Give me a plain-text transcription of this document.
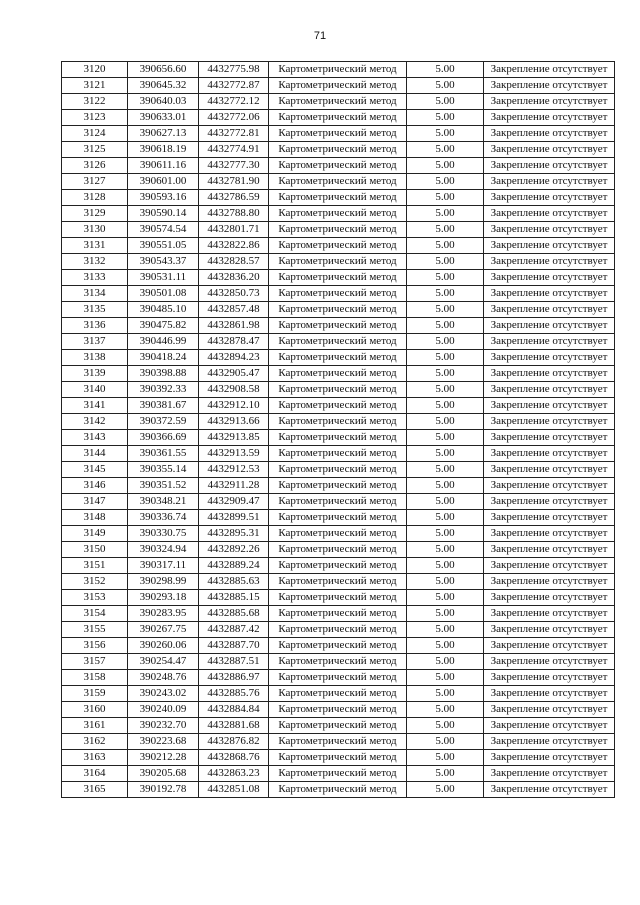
71
3120	390656.60	4432775.98	Картометрический метод	5.00	Закрепление отсутствует
3121	390645.32	4432772.87	Картометрический метод	5.00	Закрепление отсутствует
3122	390640.03	4432772.12	Картометрический метод	5.00	Закрепление отсутствует
3123	390633.01	4432772.06	Картометрический метод	5.00	Закрепление отсутствует
3124	390627.13	4432772.81	Картометрический метод	5.00	Закрепление отсутствует
3125	390618.19	4432774.91	Картометрический метод	5.00	Закрепление отсутствует
3126	390611.16	4432777.30	Картометрический метод	5.00	Закрепление отсутствует
3127	390601.00	4432781.90	Картометрический метод	5.00	Закрепление отсутствует
3128	390593.16	4432786.59	Картометрический метод	5.00	Закрепление отсутствует
3129	390590.14	4432788.80	Картометрический метод	5.00	Закрепление отсутствует
3130	390574.54	4432801.71	Картометрический метод	5.00	Закрепление отсутствует
3131	390551.05	4432822.86	Картометрический метод	5.00	Закрепление отсутствует
3132	390543.37	4432828.57	Картометрический метод	5.00	Закрепление отсутствует
3133	390531.11	4432836.20	Картометрический метод	5.00	Закрепление отсутствует
3134	390501.08	4432850.73	Картометрический метод	5.00	Закрепление отсутствует
3135	390485.10	4432857.48	Картометрический метод	5.00	Закрепление отсутствует
3136	390475.82	4432861.98	Картометрический метод	5.00	Закрепление отсутствует
3137	390446.99	4432878.47	Картометрический метод	5.00	Закрепление отсутствует
3138	390418.24	4432894.23	Картометрический метод	5.00	Закрепление отсутствует
3139	390398.88	4432905.47	Картометрический метод	5.00	Закрепление отсутствует
3140	390392.33	4432908.58	Картометрический метод	5.00	Закрепление отсутствует
3141	390381.67	4432912.10	Картометрический метод	5.00	Закрепление отсутствует
3142	390372.59	4432913.66	Картометрический метод	5.00	Закрепление отсутствует
3143	390366.69	4432913.85	Картометрический метод	5.00	Закрепление отсутствует
3144	390361.55	4432913.59	Картометрический метод	5.00	Закрепление отсутствует
3145	390355.14	4432912.53	Картометрический метод	5.00	Закрепление отсутствует
3146	390351.52	4432911.28	Картометрический метод	5.00	Закрепление отсутствует
3147	390348.21	4432909.47	Картометрический метод	5.00	Закрепление отсутствует
3148	390336.74	4432899.51	Картометрический метод	5.00	Закрепление отсутствует
3149	390330.75	4432895.31	Картометрический метод	5.00	Закрепление отсутствует
3150	390324.94	4432892.26	Картометрический метод	5.00	Закрепление отсутствует
3151	390317.11	4432889.24	Картометрический метод	5.00	Закрепление отсутствует
3152	390298.99	4432885.63	Картометрический метод	5.00	Закрепление отсутствует
3153	390293.18	4432885.15	Картометрический метод	5.00	Закрепление отсутствует
3154	390283.95	4432885.68	Картометрический метод	5.00	Закрепление отсутствует
3155	390267.75	4432887.42	Картометрический метод	5.00	Закрепление отсутствует
3156	390260.06	4432887.70	Картометрический метод	5.00	Закрепление отсутствует
3157	390254.47	4432887.51	Картометрический метод	5.00	Закрепление отсутствует
3158	390248.76	4432886.97	Картометрический метод	5.00	Закрепление отсутствует
3159	390243.02	4432885.76	Картометрический метод	5.00	Закрепление отсутствует
3160	390240.09	4432884.84	Картометрический метод	5.00	Закрепление отсутствует
3161	390232.70	4432881.68	Картометрический метод	5.00	Закрепление отсутствует
3162	390223.68	4432876.82	Картометрический метод	5.00	Закрепление отсутствует
3163	390212.28	4432868.76	Картометрический метод	5.00	Закрепление отсутствует
3164	390205.68	4432863.23	Картометрический метод	5.00	Закрепление отсутствует
3165	390192.78	4432851.08	Картометрический метод	5.00	Закрепление отсутствует
